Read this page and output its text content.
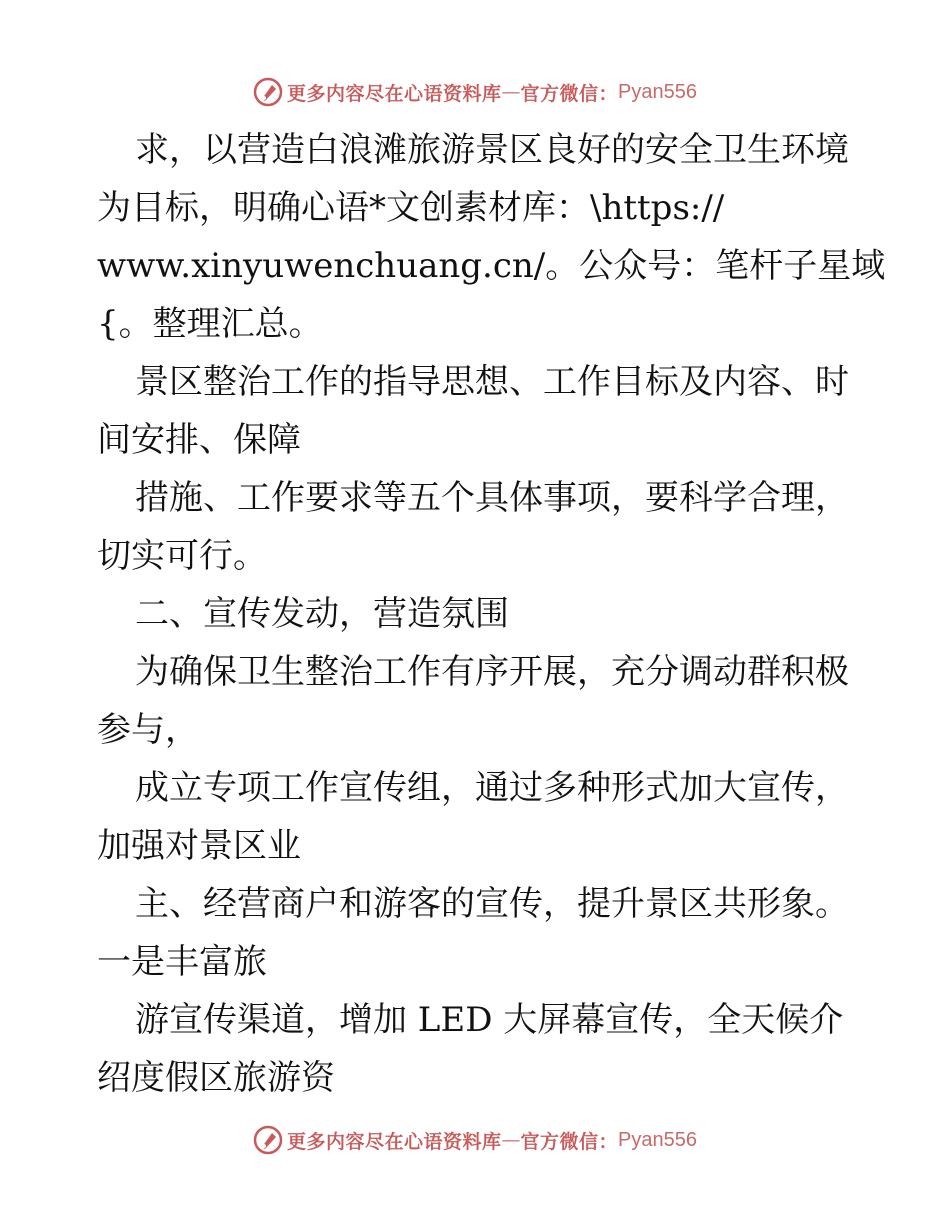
更多内容尽在心语资料库 — 官方微信： Pyan556
求，以营造白浪滩旅游景区良好的安全卫生环境
为目标，明确心语*文创素材库：\https://
www.xinyuwenchuang.cn/。公众号：笔杆子星域
{。整理汇总。
景区整治工作的指导思想、工作目标及内容、时
间安排、保障
措施、工作要求等五个具体事项，要科学合理，
切实可行。
二、宣传发动，营造氛围
为确保卫生整治工作有序开展，充分调动群积极
参与，
成立专项工作宣传组，通过多种形式加大宣传，
加强对景区业
主、经营商户和游客的宣传，提升景区共形象。
一是丰富旅
游宣传渠道，增加 LED 大屏幕宣传，全天候介
绍度假区旅游资
更多内容尽在心语资料库 — 官方微信： Pyan556
